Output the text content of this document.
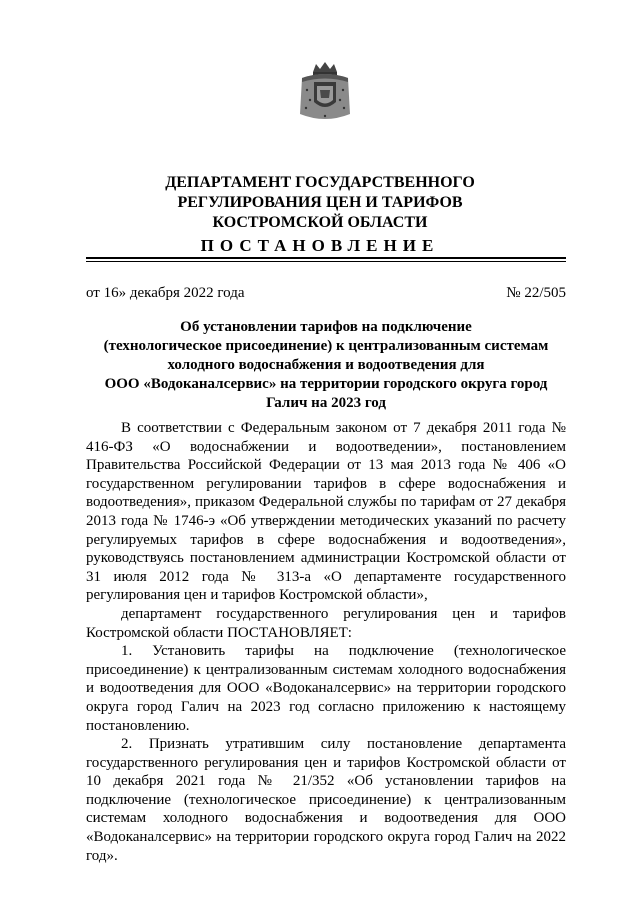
ДЕПАРТАМЕНТ ГОСУДАРСТВЕННОГО
РЕГУЛИРОВАНИЯ ЦЕН И ТАРИФОВ
КОСТРОМСКОЙ ОБЛАСТИ
ПОСТАНОВЛЕНИЕ
от 16» декабря 2022 года	№ 22/505
Об установлении тарифов на подключение
(технологическое присоединение) к централизованным системам
холодного водоснабжения и водоотведения для
ООО «Водоканалсервис» на территории городского округа город
Галич на 2023 год

В соответствии с Федеральным законом от 7 декабря 2011 года № 416-ФЗ «О водоснабжении и водоотведении», постановлением Правительства Российской Федерации от 13 мая 2013 года № 406 «О государственном регулировании тарифов в сфере водоснабжения и водоотведения», приказом Федеральной службы по тарифам от 27 декабря 2013 года № 1746-э «Об утверждении методических указаний по расчету регулируемых тарифов в сфере водоснабжения и водоотведения», руководствуясь постановлением администрации Костромской области от 31 июля 2012 года № 313-а «О департаменте государственного регулирования цен и тарифов Костромской области»,

департамент государственного регулирования цен и тарифов Костромской области ПОСТАНОВЛЯЕТ:

1. Установить тарифы на подключение (технологическое присоединение) к централизованным системам холодного водоснабжения и водоотведения для ООО «Водоканалсервис» на территории городского округа город Галич на 2023 год согласно приложению к настоящему постановлению.

2. Признать утратившим силу постановление департамента государственного регулирования цен и тарифов Костромской области от 10 декабря 2021 года № 21/352 «Об установлении тарифов на подключение (технологическое присоединение) к централизованным системам холодного водоснабжения и водоотведения для ООО «Водоканалсервис» на территории городского округа город Галич на 2022 год».
